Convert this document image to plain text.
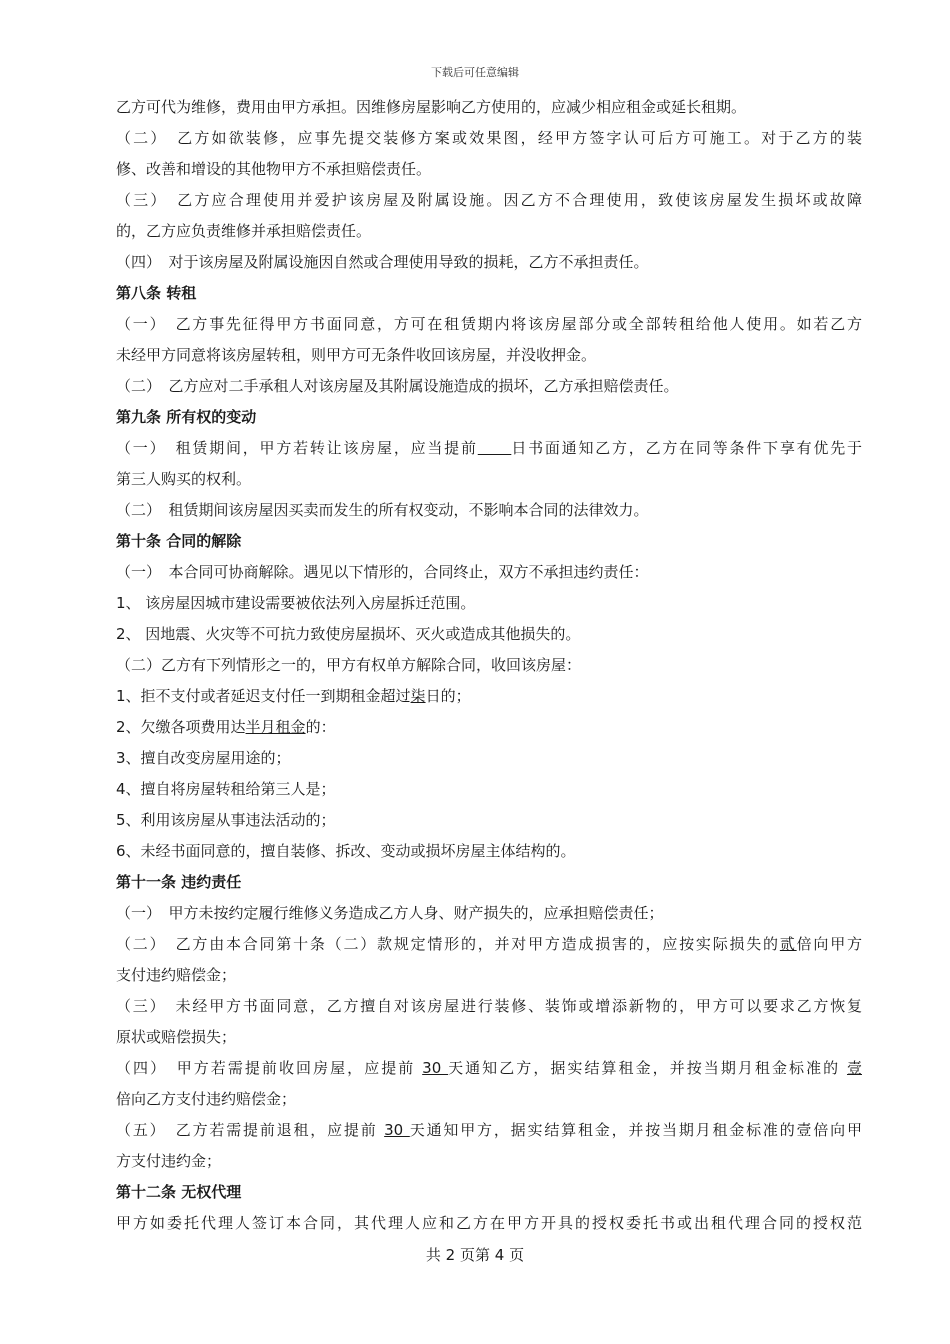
下载后可任意编辑
乙方可代为维修，费用由甲方承担。因维修房屋影响乙方使用的，应减少相应租金或延长租期。
（二）　乙方如欲装修，应事先提交装修方案或效果图，经甲方签字认可后方可施工。对于乙方的装
修、改善和增设的其他物甲方不承担赔偿责任。
（三）　乙方应合理使用并爱护该房屋及附属设施。因乙方不合理使用，致使该房屋发生损坏或故障
的，乙方应负责维修并承担赔偿责任。
（四）　对于该房屋及附属设施因自然或合理使用导致的损耗，乙方不承担责任。
第八条 转租
（一）　乙方事先征得甲方书面同意，方可在租赁期内将该房屋部分或全部转租给他人使用。如若乙方
未经甲方同意将该房屋转租，则甲方可无条件收回该房屋，并没收押金。
（二）　乙方应对二手承租人对该房屋及其附属设施造成的损坏，乙方承担赔偿责任。
第九条 所有权的变动
（一）　租赁期间，甲方若转让该房屋，应当提前　　 日书面通知乙方，乙方在同等条件下享有优先于
第三人购买的权利。
（二）　租赁期间该房屋因买卖而发生的所有权变动，不影响本合同的法律效力。
第十条 合同的解除
（一）　本合同可协商解除。遇见以下情形的，合同终止，双方不承担违约责任：
1、 该房屋因城市建设需要被依法列入房屋拆迁范围。
2、 因地震、火灾等不可抗力致使房屋损坏、灭火或造成其他损失的。
（二）乙方有下列情形之一的，甲方有权单方解除合同，收回该房屋：
1、拒不支付或者延迟支付任一到期租金超过柒日的；
2、欠缴各项费用达半月租金的：
3、擅自改变房屋用途的；
4、擅自将房屋转租给第三人是；
5、利用该房屋从事违法活动的；
6、未经书面同意的，擅自装修、拆改、变动或损坏房屋主体结构的。
第十一条 违约责任
（一）　甲方未按约定履行维修义务造成乙方人身、财产损失的，应承担赔偿责任；
（二）　乙方由本合同第十条（二）款规定情形的，并对甲方造成损害的，应按实际损失的贰倍向甲方
支付违约赔偿金；
（三）　未经甲方书面同意，乙方擅自对该房屋进行装修、装饰或增添新物的，甲方可以要求乙方恢复
原状或赔偿损失；
（四）　甲方若需提前收回房屋，应提前 30 天通知乙方，据实结算租金，并按当期月租金标准的 壹
倍向乙方支付违约赔偿金；
（五）　乙方若需提前退租，应提前 30 天通知甲方，据实结算租金，并按当期月租金标准的壹倍向甲
方支付违约金；
第十二条 无权代理
甲方如委托代理人签订本合同，其代理人应和乙方在甲方开具的授权委托书或出租代理合同的授权范
共 2 页第 4 页
